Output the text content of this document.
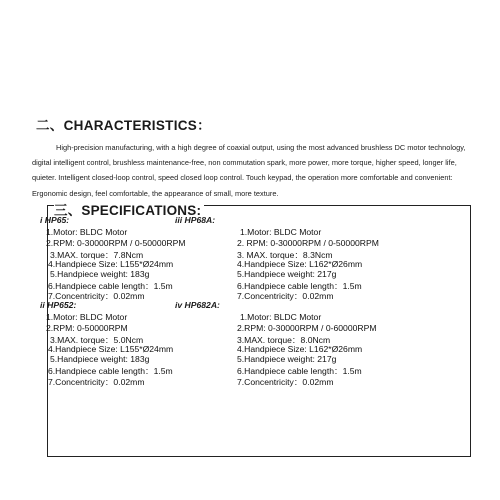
二、CHARACTERISTICS：
High-precision manufacturing, with a high degree of coaxial output, using the most advanced brushless DC motor technology, digital intelligent control, brushless maintenance-free, non commutation spark, more power, more torque, higher speed, longer life, quieter. Intelligent closed-loop control, speed closed loop control. Touch keypad, the operation more comfortable and convenient: Ergonomic design, feel comfortable, the appearance of small, more texture.
三、SPECIFICATIONS:
i HP65:
1.Motor: BLDC Motor
2.RPM: 0-30000RPM / 0-50000RPM
3.MAX. torque：7.8Ncm
4.Handpiece Size: L155*Ø24mm
5.Handpiece weight: 183g
6.Handpiece cable length：1.5m
7.Concentricity：0.02mm
iii HP68A:
1.Motor: BLDC Motor
2. RPM: 0-30000RPM / 0-50000RPM
3. MAX. torque：8.3Ncm
4.Handpiece Size: L162*Ø26mm
5.Handpiece weight: 217g
6.Handpiece cable length：1.5m
7.Concentricity：0.02mm
ii HP652:
1.Motor: BLDC Motor
2.RPM: 0-50000RPM
3.MAX. torque：5.0Ncm
4.Handpiece Size: L155*Ø24mm
5.Handpiece weight: 183g
6.Handpiece cable length：1.5m
7.Concentricity：0.02mm
iv HP682A:
1.Motor: BLDC Motor
2.RPM: 0-30000RPM / 0-60000RPM
3.MAX. torque：8.0Ncm
4.Handpiece Size: L162*Ø26mm
5.Handpiece weight: 217g
6.Handpiece cable length：1.5m
7.Concentricity：0.02mm
